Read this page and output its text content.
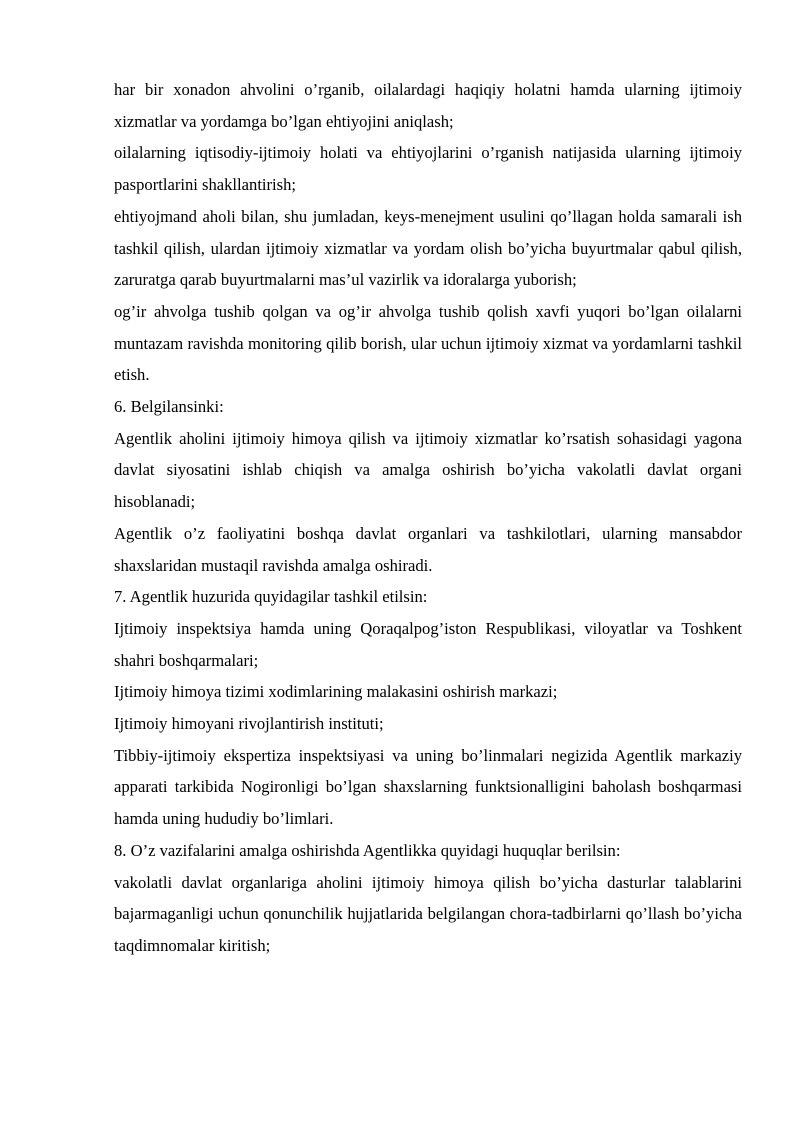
har bir xonadon ahvolini o’rganib, oilalardagi haqiqiy holatni hamda ularning ijtimoiy xizmatlar va yordamga bo’lgan ehtiyojini aniqlash;

oilalarning iqtisodiy-ijtimoiy holati va ehtiyojlarini o’rganish natijasida ularning ijtimoiy pasportlarini shakllantirish;

ehtiyojmand aholi bilan, shu jumladan, keys-menejment usulini qo’llagan holda samarali ish tashkil qilish, ulardan ijtimoiy xizmatlar va yordam olish bo’yicha buyurtmalar qabul qilish, zaruratga qarab buyurtmalarni mas’ul vazirlik va idoralarga yuborish;

og’ir ahvolga tushib qolgan va og’ir ahvolga tushib qolish xavfi yuqori bo’lgan oilalarni muntazam ravishda monitoring qilib borish, ular uchun ijtimoiy xizmat va yordamlarni tashkil etish.

6. Belgilansinki:

Agentlik aholini ijtimoiy himoya qilish va ijtimoiy xizmatlar ko’rsatish sohasidagi yagona davlat siyosatini ishlab chiqish va amalga oshirish bo’yicha vakolatli davlat organi hisoblanadi;

Agentlik o’z faoliyatini boshqa davlat organlari va tashkilotlari, ularning mansabdor shaxslaridan mustaqil ravishda amalga oshiradi.

7. Agentlik huzurida quyidagilar tashkil etilsin:

Ijtimoiy inspektsiya hamda uning Qoraqalpog’iston Respublikasi, viloyatlar va Toshkent shahri boshqarmalari;

Ijtimoiy himoya tizimi xodimlarining malakasini oshirish markazi;

Ijtimoiy himoyani rivojlantirish instituti;

Tibbiy-ijtimoiy ekspertiza inspektsiyasi va uning bo’linmalari negizida Agentlik markaziy apparati tarkibida Nogironligi bo’lgan shaxslarning funktsionalligini baholash boshqarmasi hamda uning hududiy bo’limlari.

8. O’z vazifalarini amalga oshirishda Agentlikka quyidagi huquqlar berilsin:

vakolatli davlat organlariga aholini ijtimoiy himoya qilish bo’yicha dasturlar talablarini bajarmaganligi uchun qonunchilik hujjatlarida belgilangan chora-tadbirlarni qo’llash bo’yicha taqdimnomalar kiritish;
